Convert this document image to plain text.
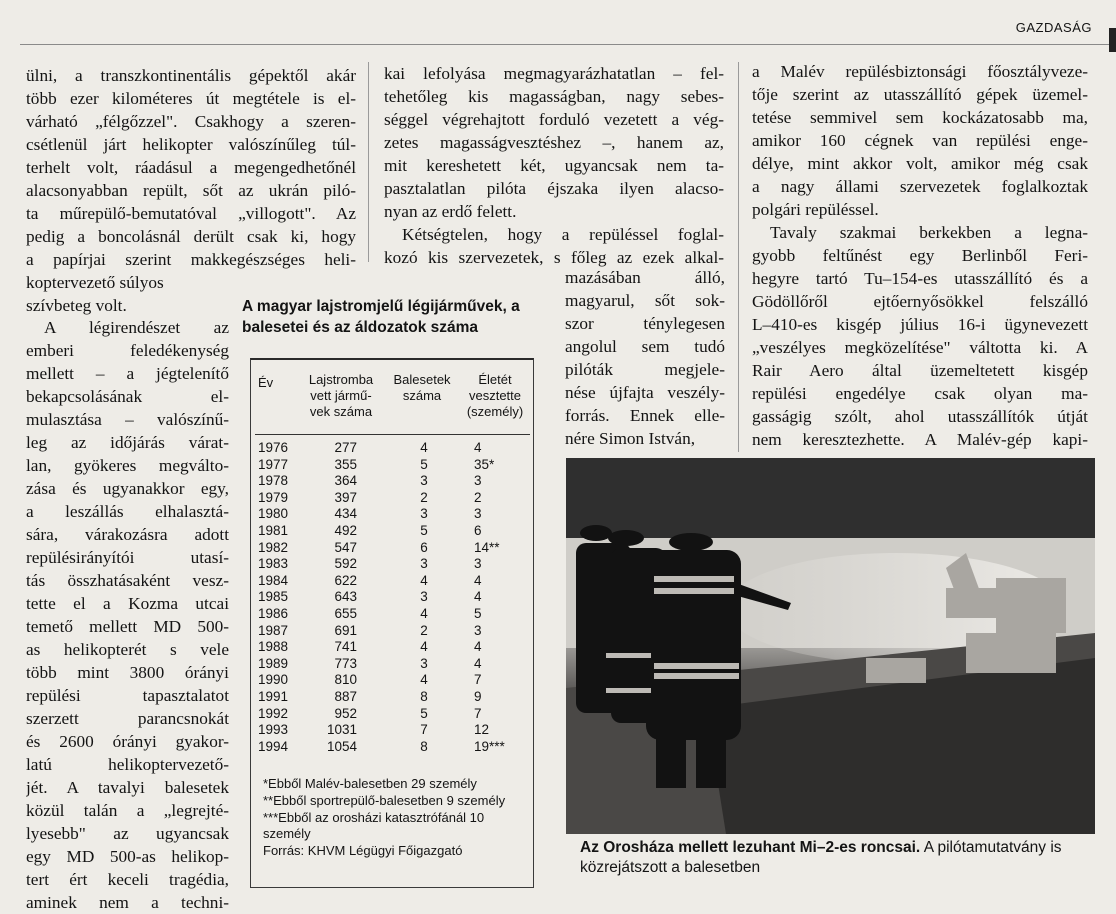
GAZDASÁG
ülni, a transzkontinentális gépektől akár
több ezer kilométeres út megtétele is el-
várható „félgőzzel". Csakhogy a szeren-
csétlenül járt helikopter valószínűleg túl-
terhelt volt, ráadásul a megengedhetőnél
alacsonyabban repült, sőt az ukrán piló-
ta műrepülő-bemutatóval „villogott". Az
pedig a boncolásnál derült csak ki, hogy
a papírjai szerint makkegészséges heli-
koptervezető súlyos
szívbeteg volt.
A légirendészet az
emberi feledékenység
mellett – a jégtelenítő
bekapcsolásának el-
mulasztása – valószínű-
leg az időjárás várat-
lan, gyökeres megválto-
zása és ugyanakkor egy,
a leszállás elhalasztá-
sára, várakozásra adott
repülésirányítói utasí-
tás összhatásaként vesz-
tette el a Kozma utcai
temető mellett MD 500-
as helikopterét s vele
több mint 3800 órányi
repülési tapasztalatot
szerzett parancsnokát
és 2600 órányi gyakor-
latú helikoptervezető-
jét. A tavalyi balesetek
közül talán a „legrejté-
lyesebb" az ugyancsak
egy MD 500-as helikop-
tert ért keceli tragédia,
aminek nem a techni-
kai lefolyása megmagyarázhatatlan – fel-
tehetőleg kis magasságban, nagy sebes-
séggel végrehajtott forduló vezetett a vég-
zetes magasságvesztéshez –, hanem az,
mit kereshetett két, ugyancsak nem ta-
pasztalatlan pilóta éjszaka ilyen alacso-
nyan az erdő felett.
Kétségtelen, hogy a repüléssel foglal-
kozó kis szervezetek, s főleg az ezek alkal-
mazásában álló,
magyarul, sőt sok-
szor ténylegesen
angolul sem tudó
pilóták megjele-
nése újfajta veszély-
forrás. Ennek elle-
nére Simon István,
a Malév repülésbiztonsági főosztályveze-
tője szerint az utasszállító gépek üzemel-
tetése semmivel sem kockázatosabb ma,
amikor 160 cégnek van repülési enge-
délye, mint akkor volt, amikor még csak
a nagy állami szervezetek foglalkoztak
polgári repüléssel.
Tavaly szakmai berkekben a legna-
gyobb feltűnést egy Berlinből Feri-
hegyre tartó Tu–154-es utasszállító és a
Gödöllőről ejtőernyősökkel felszálló
L–410-es kisgép július 16-i ügynevezett
„veszélyes megközelítése" váltotta ki. A
Rair Aero által üzemeltetett kisgép
repülési engedélye csak olyan ma-
gasságig szólt, ahol utasszállítók útját
nem keresztezhette. A Malév-gép kapi-
A magyar lajstromjelű légijárművek, a
balesetei és az áldozatok száma
Év	Lajstromba
vett jármű-
vek száma
Balesetek
száma
Életét
vesztette
(személy)
1976
1977
1978
1979
1980
1981
1982
1983
1984
1985
1986
1987
1988
1989
1990
1991
1992
1993
1994
277
355
364
397
434
492
547
592
622
643
655
691
741
773
810
887
952
1031
1054
4
5
3
2
3
5
6
3
4
3
4
2
4
3
4
8
5
7
8
4
35*
3
2
3
6
14**
3
4
4
5
3
4
4
7
9
7
12
19***
*Ebből Malév-balesetben 29 személy
**Ebből sportrepülő-balesetben 9 személy
***Ebből az orosházi katasztrófánál 10
személy
Forrás: KHVM Légügyi Főigazgató	Az Orosháza mellett lezuhant Mi–2-es roncsai. A pilótamutatvány is
közrejátszott a balesetben
